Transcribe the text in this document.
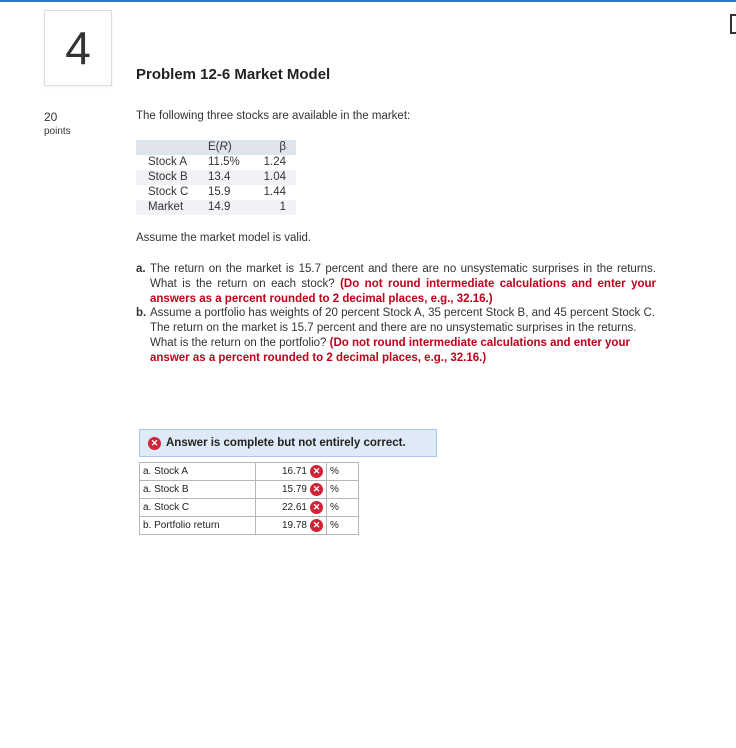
4
20
points
Problem 12-6 Market Model
The following three stocks are available in the market:
	E(R)	β
Stock A	11.5%	1.24
Stock B	13.4	1.04
Stock C	15.9	1.44
Market	14.9	1
Assume the market model is valid.
a. The return on the market is 15.7 percent and there are no unsystematic surprises in the returns. What is the return on each stock? (Do not round intermediate calculations and enter your answers as a percent rounded to 2 decimal places, e.g., 32.16.)
b. Assume a portfolio has weights of 20 percent Stock A, 35 percent Stock B, and 45 percent Stock C. The return on the market is 15.7 percent and there are no unsystematic surprises in the returns. What is the return on the portfolio? (Do not round intermediate calculations and enter your answer as a percent rounded to 2 decimal places, e.g., 32.16.)
✕ Answer is complete but not entirely correct.
a. Stock A	16.71 ✕	%
a. Stock B	15.79 ✕	%
a. Stock C	22.61 ✕	%
b. Portfolio return	19.78 ✕	%
